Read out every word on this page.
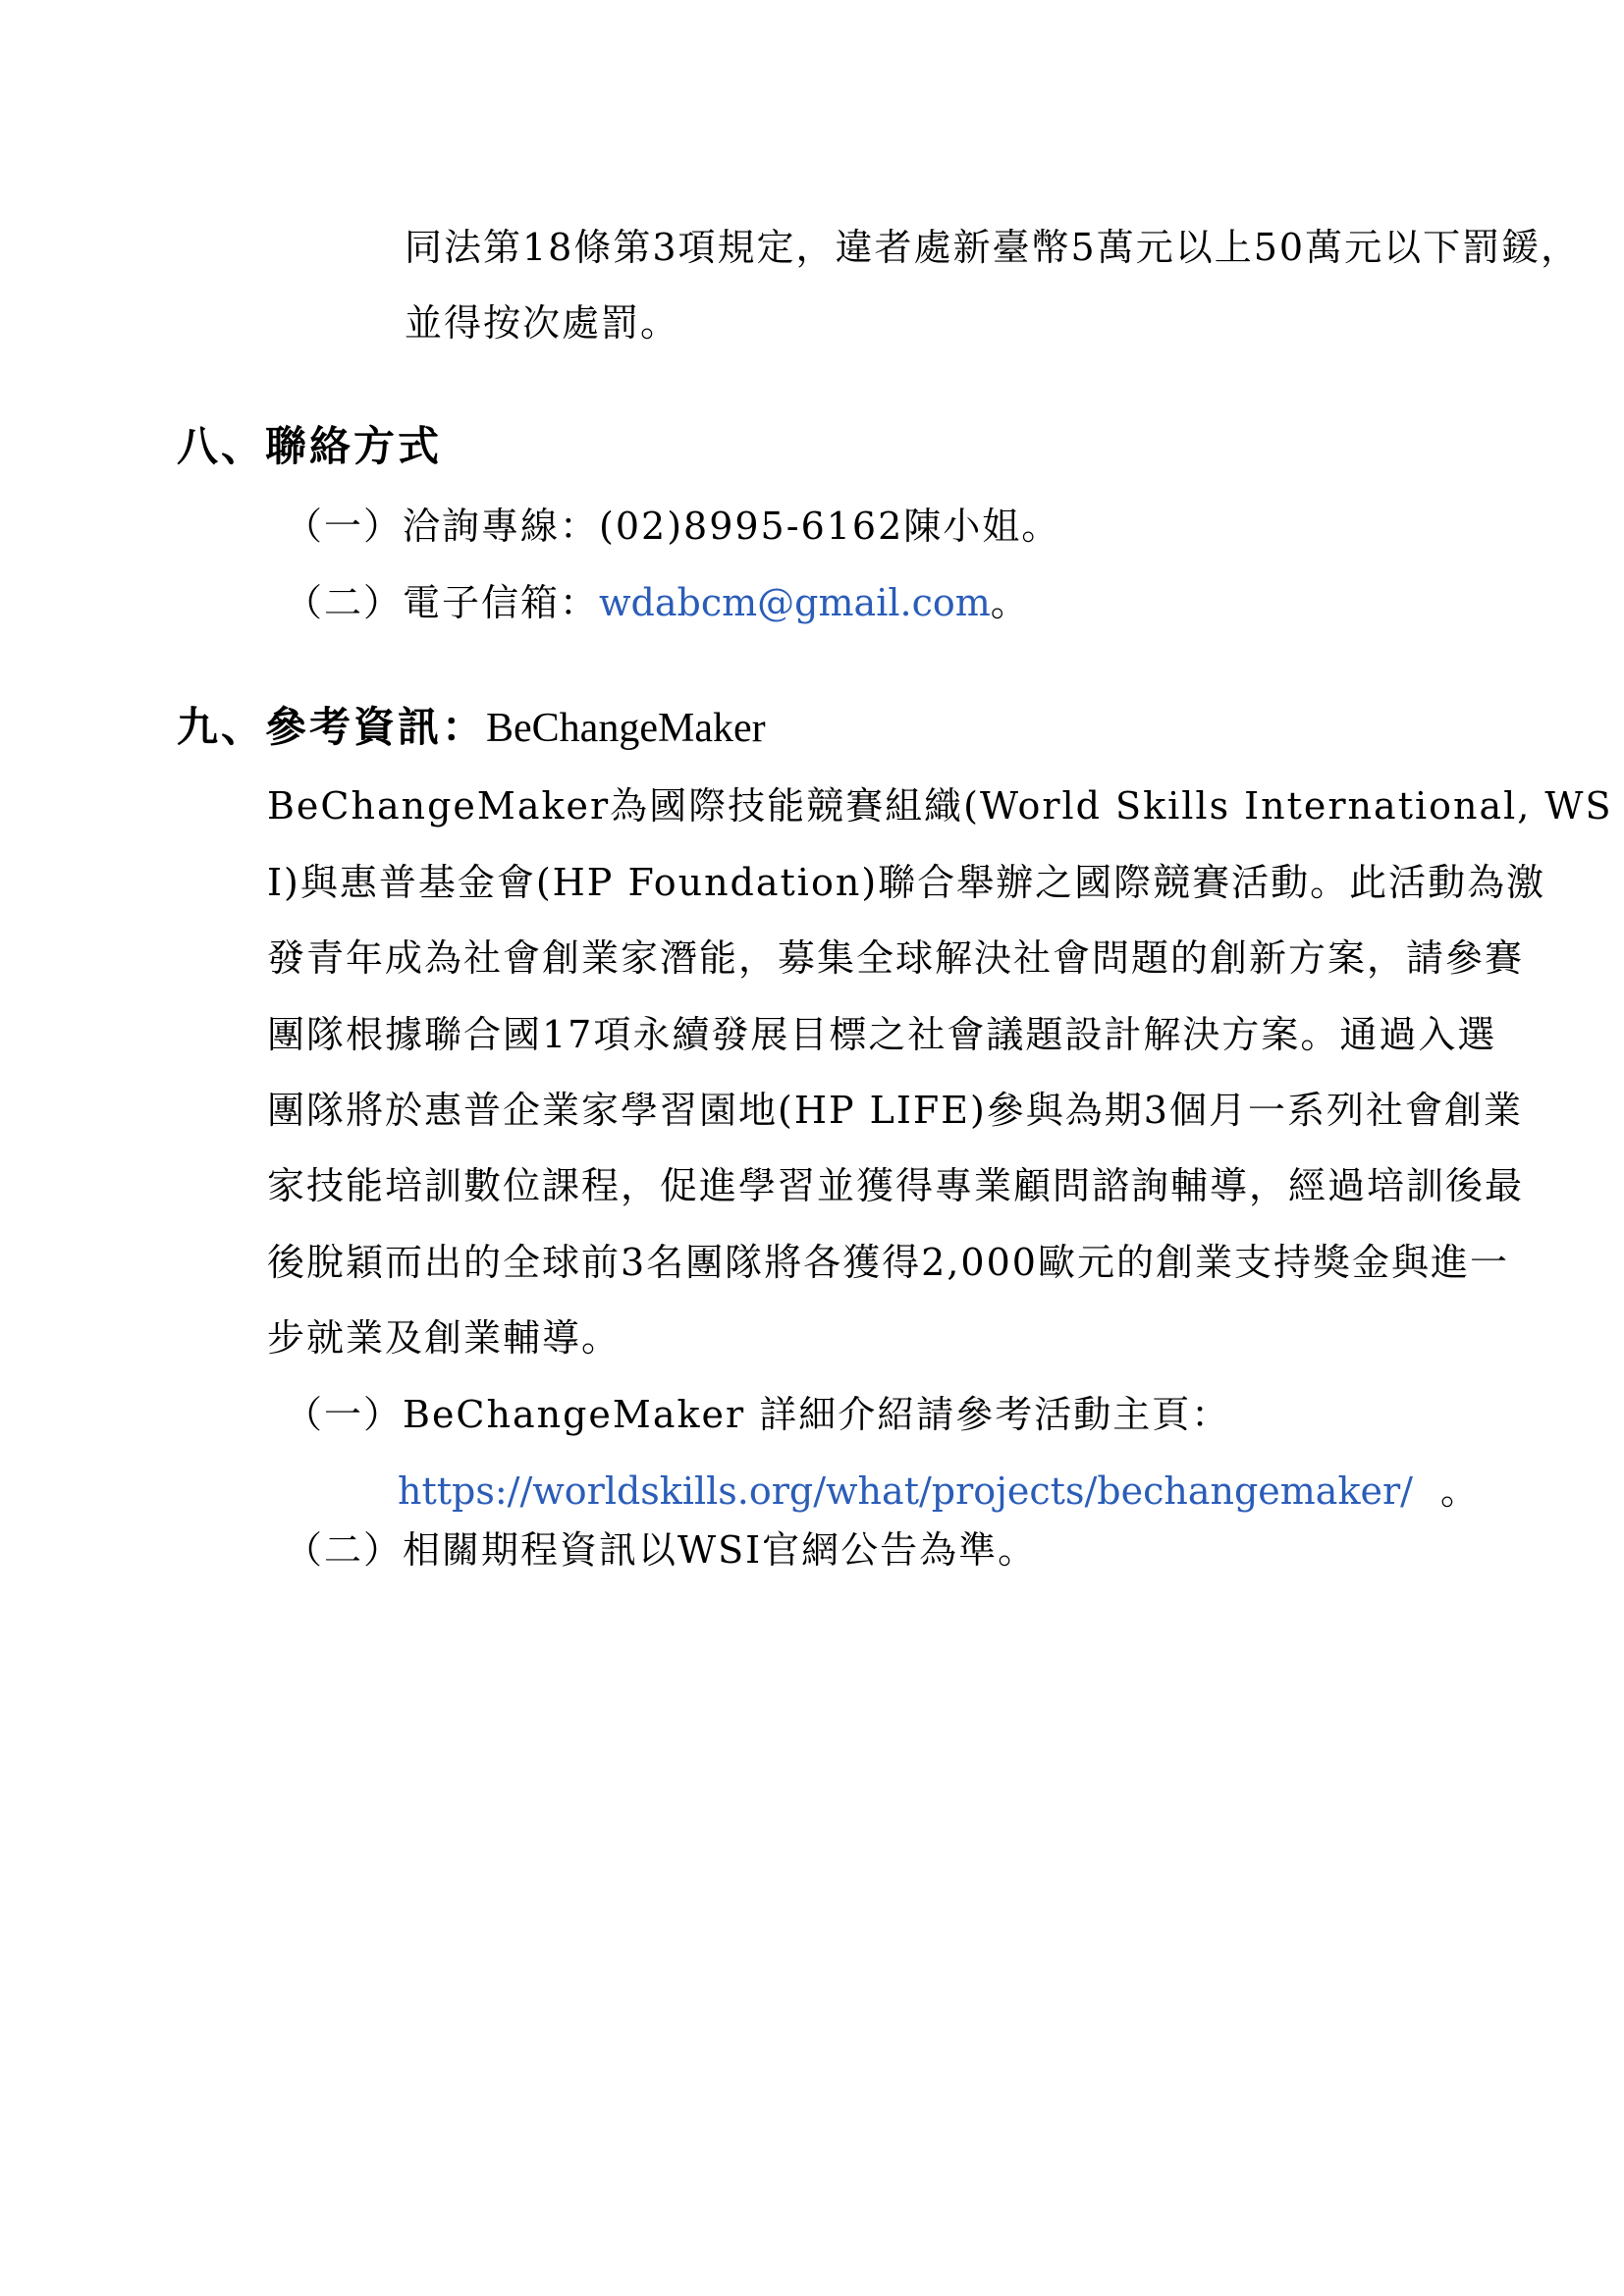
同法第18條第3項規定，違者處新臺幣5萬元以上50萬元以下罰鍰，
並得按次處罰。
八、聯絡方式
（一）洽詢專線：(02)8995-6162陳小姐。
（二）電子信箱：wdabcm@gmail.com。
九、參考資訊：BeChangeMaker
BeChangeMaker為國際技能競賽組織(World Skills International, WS
I)與惠普基金會(HP Foundation)聯合舉辦之國際競賽活動。此活動為激
發青年成為社會創業家潛能，募集全球解決社會問題的創新方案，請參賽
團隊根據聯合國17項永續發展目標之社會議題設計解決方案。通過入選
團隊將於惠普企業家學習園地(HP LIFE)參與為期3個月一系列社會創業
家技能培訓數位課程，促進學習並獲得專業顧問諮詢輔導，經過培訓後最
後脫穎而出的全球前3名團隊將各獲得2,000歐元的創業支持獎金與進一
步就業及創業輔導。
（一）BeChangeMaker 詳細介紹請參考活動主頁：
https://worldskills.org/what/projects/bechangemaker/ 。
（二）相關期程資訊以WSI官網公告為準。
